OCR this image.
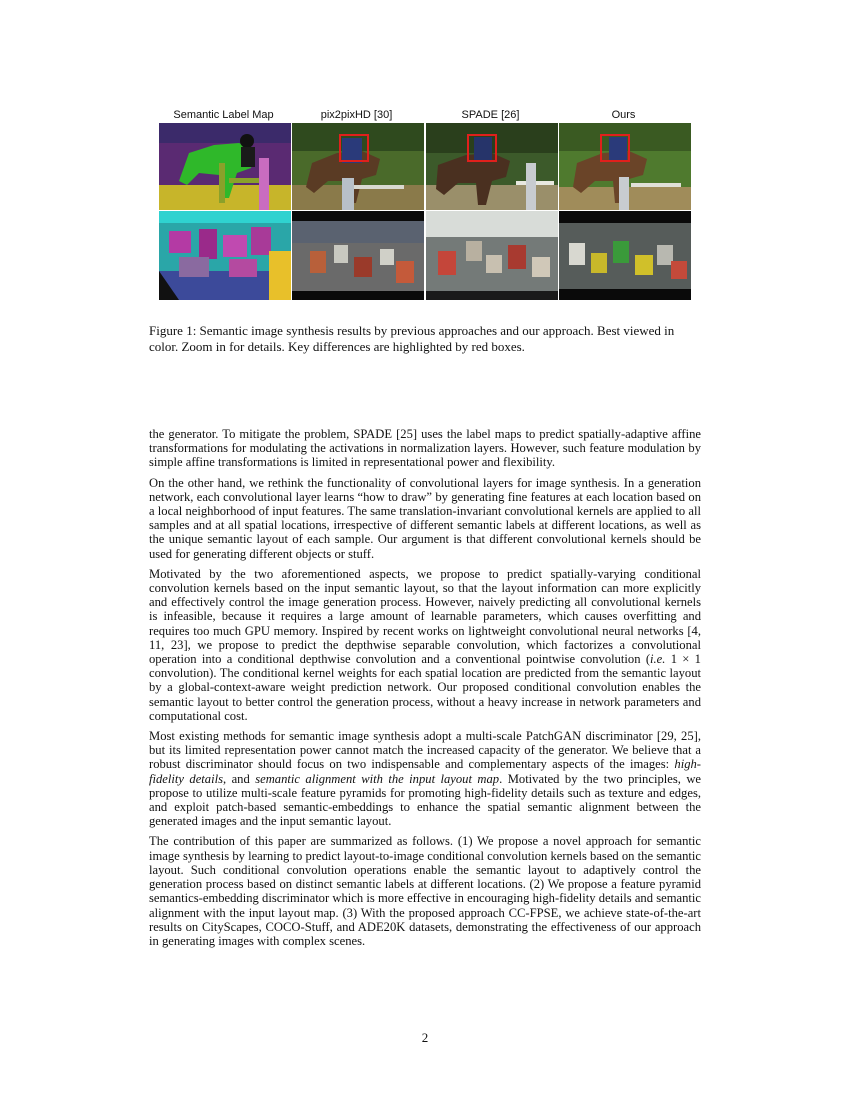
Semantic Label Map	pix2pixHD [30]	SPADE [26]	Ours
Figure 1: Semantic image synthesis results by previous approaches and our approach. Best viewed in color. Zoom in for details. Key differences are highlighted by red boxes.

the generator. To mitigate the problem, SPADE [25] uses the label maps to predict spatially-adaptive affine transformations for modulating the activations in normalization layers. However, such feature modulation by simple affine transformations is limited in representational power and flexibility.

On the other hand, we rethink the functionality of convolutional layers for image synthesis. In a generation network, each convolutional layer learns “how to draw” by generating fine features at each location based on a local neighborhood of input features. The same translation-invariant convolutional kernels are applied to all samples and at all spatial locations, irrespective of different semantic labels at different locations, as well as the unique semantic layout of each sample. Our argument is that different convolutional kernels should be used for generating different objects or stuff.

Motivated by the two aforementioned aspects, we propose to predict spatially-varying conditional convolution kernels based on the input semantic layout, so that the layout information can more explicitly and effectively control the image generation process. However, naively predicting all convolutional kernels is infeasible, because it requires a large amount of learnable parameters, which causes overfitting and requires too much GPU memory. Inspired by recent works on lightweight convolutional neural networks [4, 11, 23], we propose to predict the depthwise separable convolution, which factorizes a convolutional operation into a conditional depthwise convolution and a conventional pointwise convolution (i.e. 1 × 1 convolution). The conditional kernel weights for each spatial location are predicted from the semantic layout by a global-context-aware weight prediction network. Our proposed conditional convolution enables the semantic layout to better control the generation process, without a heavy increase in network parameters and computational cost.

Most existing methods for semantic image synthesis adopt a multi-scale PatchGAN discriminator [29, 25], but its limited representation power cannot match the increased capacity of the generator. We believe that a robust discriminator should focus on two indispensable and complementary aspects of the images: high-fidelity details, and semantic alignment with the input layout map. Motivated by the two principles, we propose to utilize multi-scale feature pyramids for promoting high-fidelity details such as texture and edges, and exploit patch-based semantic-embeddings to enhance the spatial semantic alignment between the generated images and the input semantic layout.

The contribution of this paper are summarized as follows. (1) We propose a novel approach for semantic image synthesis by learning to predict layout-to-image conditional convolution kernels based on the semantic layout. Such conditional convolution operations enable the semantic layout to adaptively control the generation process based on distinct semantic labels at different locations. (2) We propose a feature pyramid semantics-embedding discriminator which is more effective in encouraging high-fidelity details and semantic alignment with the input layout map. (3) With the proposed approach CC-FPSE, we achieve state-of-the-art results on CityScapes, COCO-Stuff, and ADE20K datasets, demonstrating the effectiveness of our approach in generating images with complex scenes.

2
